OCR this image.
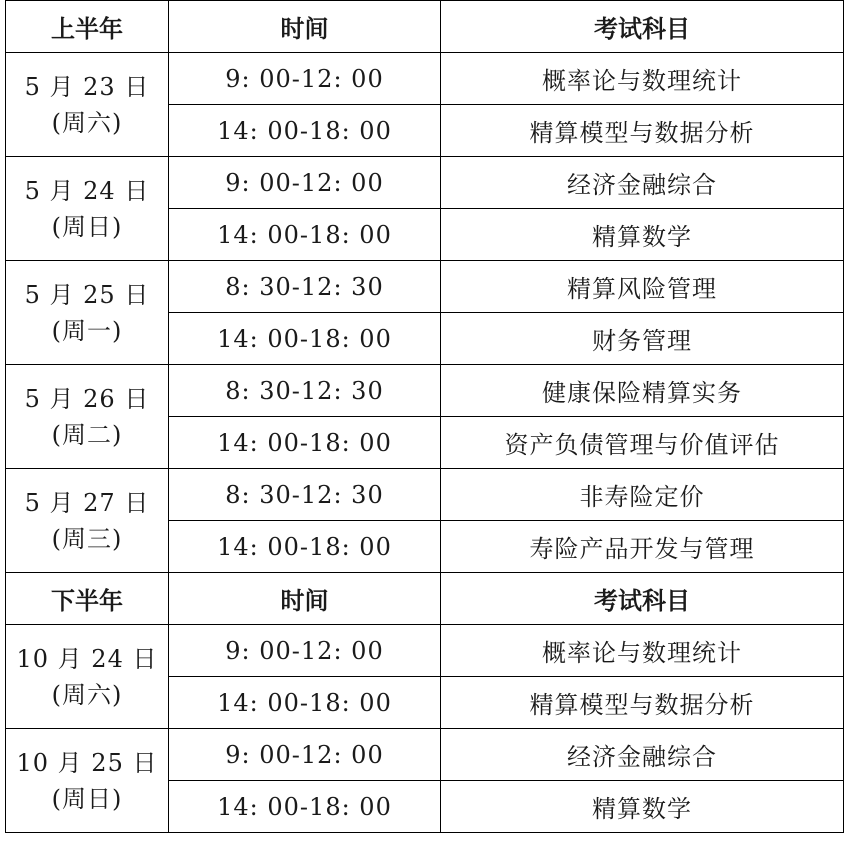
上半年	时间	考试科目

5 月 23 日
(周六)	9: 00-12: 00	概率论与数理统计
	14: 00-18: 00	精算模型与数据分析

5 月 24 日
(周日)	9: 00-12: 00	经济金融综合
	14: 00-18: 00	精算数学

5 月 25 日
(周一)	8: 30-12: 30	精算风险管理
	14: 00-18: 00	财务管理

5 月 26 日
(周二)	8: 30-12: 30	健康保险精算实务
	14: 00-18: 00	资产负债管理与价值评估

5 月 27 日
(周三)	8: 30-12: 30	非寿险定价
	14: 00-18: 00	寿险产品开发与管理
下半年	时间	考试科目

10 月 24 日
(周六)	9: 00-12: 00	概率论与数理统计
	14: 00-18: 00	精算模型与数据分析

10 月 25 日
(周日)	9: 00-12: 00	经济金融综合
	14: 00-18: 00	精算数学
